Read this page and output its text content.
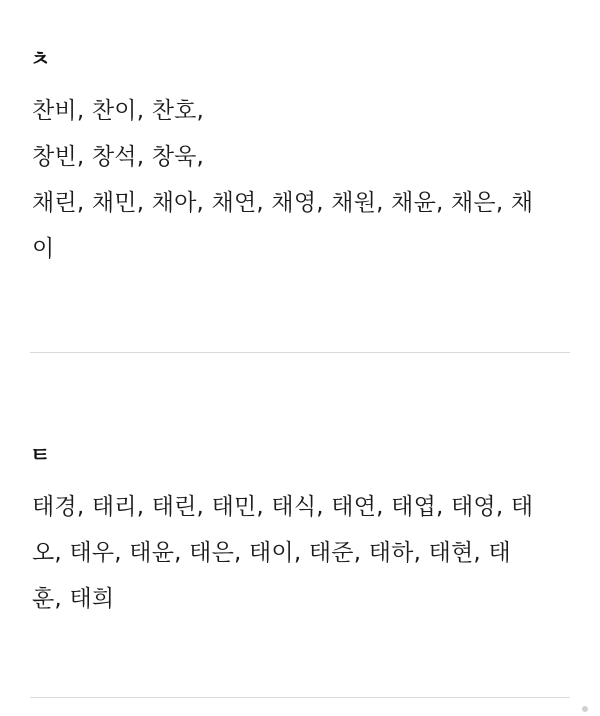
ㅊ
찬비, 찬이, 찬호,
창빈, 창석, 창욱,
채린, 채민, 채아, 채연, 채영, 채원, 채윤, 채은, 채
이
ㅌ
태경, 태리, 태린, 태민, 태식, 태연, 태엽, 태영, 태
오, 태우, 태윤, 태은, 태이, 태준, 태하, 태현, 태
훈, 태희
